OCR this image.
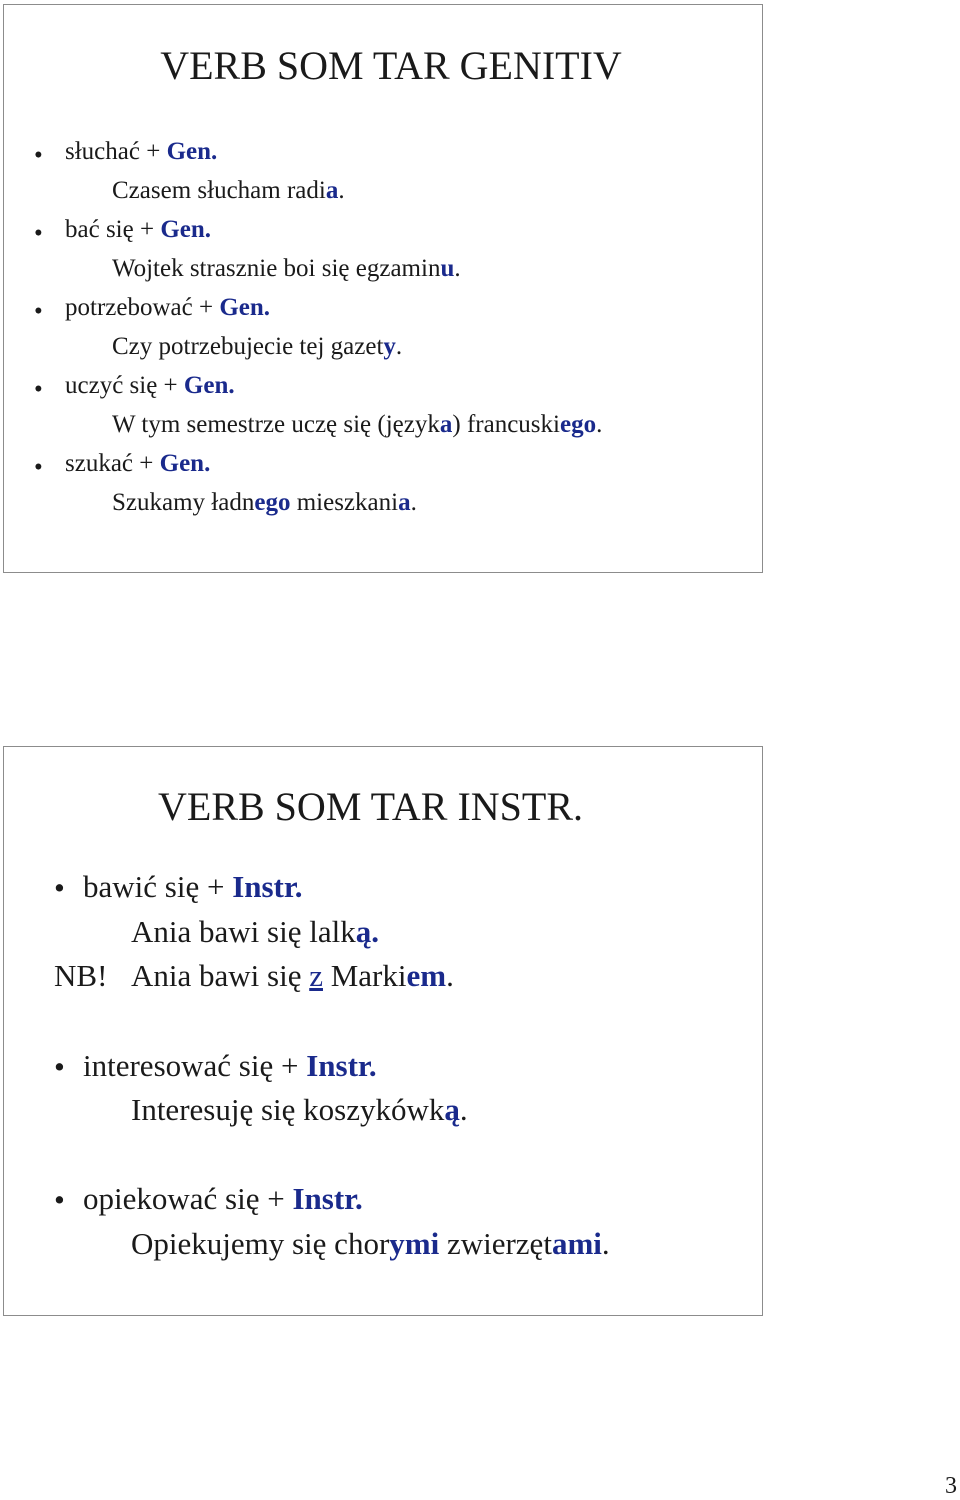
VERB SOM TAR GENITIV
• słuchać + Gen.
Czasem słucham radia.
• bać się + Gen.
Wojtek strasznie boi się egzaminu.
• potrzebować + Gen.
Czy potrzebujecie tej gazety.
• uczyć się + Gen.
W tym semestrze uczę się (języka) francuskiego.
• szukać + Gen.
Szukamy ładnego mieszkania.
VERB SOM TAR INSTR.
• bawić się + Instr.
Ania bawi się lalką.
NB! Ania bawi się z Markiem.
• interesować się + Instr.
Interesuję się koszykówką.
• opiekować się + Instr.
Opiekujemy się chorymi zwierzętami.
3
